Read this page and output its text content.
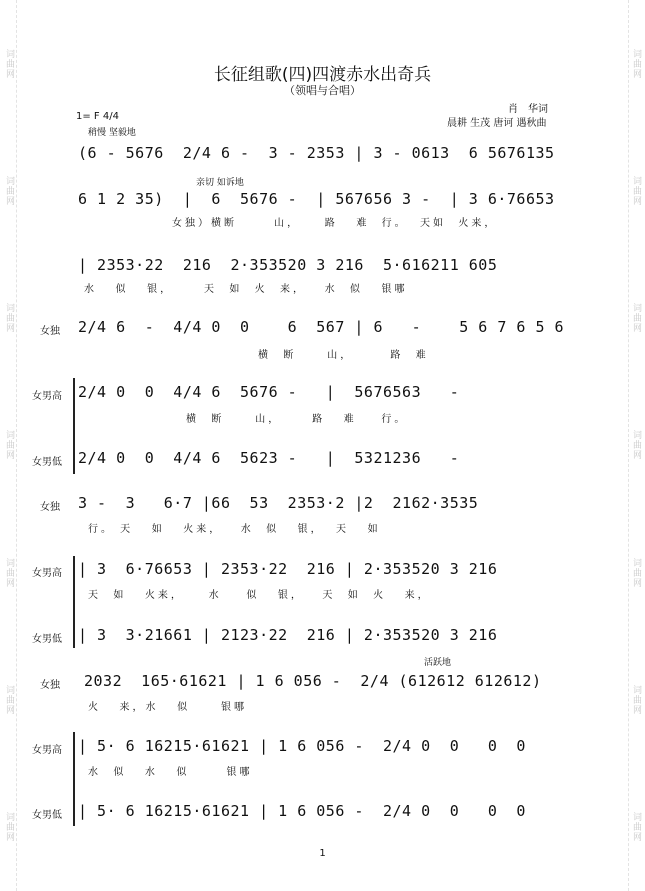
词曲网
词曲网
词曲网
词曲网
词曲网
词曲网
词曲网
词曲网
词曲网
词曲网
词曲网
词曲网
词曲网
词曲网
长征组歌(四)四渡赤水出奇兵
（领唱与合唱）
肖　华词
晨耕 生茂 唐诃 遇秋曲
1= F 4/4
稍慢 坚毅地
(6 - 5676  2/4 6 -  3 - 2353 | 3 - 0613  6 5676135
亲切 如诉地
6 1 2 35)  |  6  5676 -  | 567656 3 -  | 3 6·76653
女独）横断      山，    路   难  行。  天如  火来，
| 2353·22  216  2·353520 3 216  5·616211 605
水   似   银，     天  如  火  来，   水  似   银哪
女独 2/4 6  -  4/4 0  0    6  567 | 6   -    5 6 7 6 5 6
横  断     山，      路  难
女男高 2/4 0  0  4/4 6  5676 -   |  5676563   -
横  断     山，     路   难    行。
女男低 2/4 0  0  4/4 6  5623 -   |  5321236   -
女独 3 -  3   6·7 |66  53  2353·2 |2  2162·3535
行。 天   如   火来，   水  似   银，  天   如
女男高 | 3  6·76653 | 2353·22  216 | 2·353520 3 216
天  如   火来，    水    似   银，   天  如  火   来，
女男低 | 3  3·21661 | 2123·22  216 | 2·353520 3 216
活跃地
女独 2032  165·61621 | 1 6 056 -  2/4 (612612 612612)
火   来，水   似     银哪
女男高 | 5· 6 16215·61621 | 1 6 056 -  2/4 0  0   0  0
水  似   水   似      银哪
女男低 | 5· 6 16215·61621 | 1 6 056 -  2/4 0  0   0  0
1
